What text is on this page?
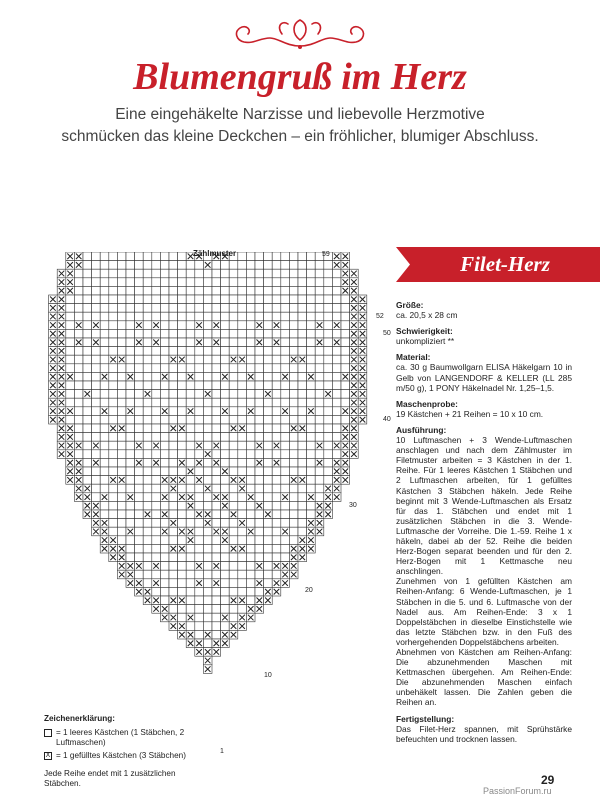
Blumengruß im Herz
Eine eingehäkelte Narzisse und liebevolle Herzmotive
schmücken das kleine Deckchen – ein fröhlicher, blumiger Abschluss.
Zählmuster	59
52
50
40
30
20
10
1
Filet-Herz
Größe:
ca. 20,5 x 28 cm
Schwierigkeit:
unkompliziert **
Material:
ca. 30 g Baumwollgarn ELISA Häkelgarn 10 in Gelb von LANGENDORF & KELLER (LL 285 m/50 g), 1 PONY Häkelnadel Nr. 1,25–1,5.
Maschenprobe:
19 Kästchen + 21 Reihen = 10 x 10 cm.
Ausführung:
10 Luftmaschen + 3 Wende-Luftmaschen anschlagen und nach dem Zählmuster im Filetmuster arbeiten = 3 Kästchen in der 1. Reihe. Für 1 leeres Kästchen 1 Stäbchen und 2 Luftmaschen arbeiten, für 1 gefülltes Kästchen 3 Stäbchen häkeln. Jede Reihe beginnt mit 3 Wende-Luftmaschen als Ersatz für das 1. Stäbchen und endet mit 1 zusätzlichen Stäbchen in die 3. Wende-Luftmasche der Vorreihe. Die 1.-59. Reihe 1 x häkeln, dabei ab der 52. Reihe die beiden Herz-Bogen separat beenden und für den 2. Herz-Bogen mit 1 Kettmasche neu anschlingen.
Zunehmen von 1 gefüllten Kästchen am Reihen-Anfang: 6 Wende-Luftmaschen, je 1 Stäbchen in die 5. und 6. Luftmasche von der Nadel aus. Am Reihen-Ende: 3 x 1 Doppelstäbchen in dieselbe Einstichstelle wie das letzte Stäbchen bzw. in den Fuß des vorhergehenden Doppelstäbchens arbeiten.
Abnehmen von Kästchen am Reihen-Anfang: Die abzunehmenden Maschen mit Kettmaschen übergehen. Am Reihen-Ende: Die abzunehmenden Maschen einfach unbehäkelt lassen. Die Zahlen geben die Reihen an.
Fertigstellung:
Das Filet-Herz spannen, mit Sprühstärke befeuchten und trocknen lassen.
Zeichenerklärung:
= 1 leeres Kästchen (1 Stäbchen, 2 Luftmaschen)
X = 1 gefülltes Kästchen (3 Stäbchen)
Jede Reihe endet mit 1 zusätzlichen Stäbchen.	29
PassionForum.ru
